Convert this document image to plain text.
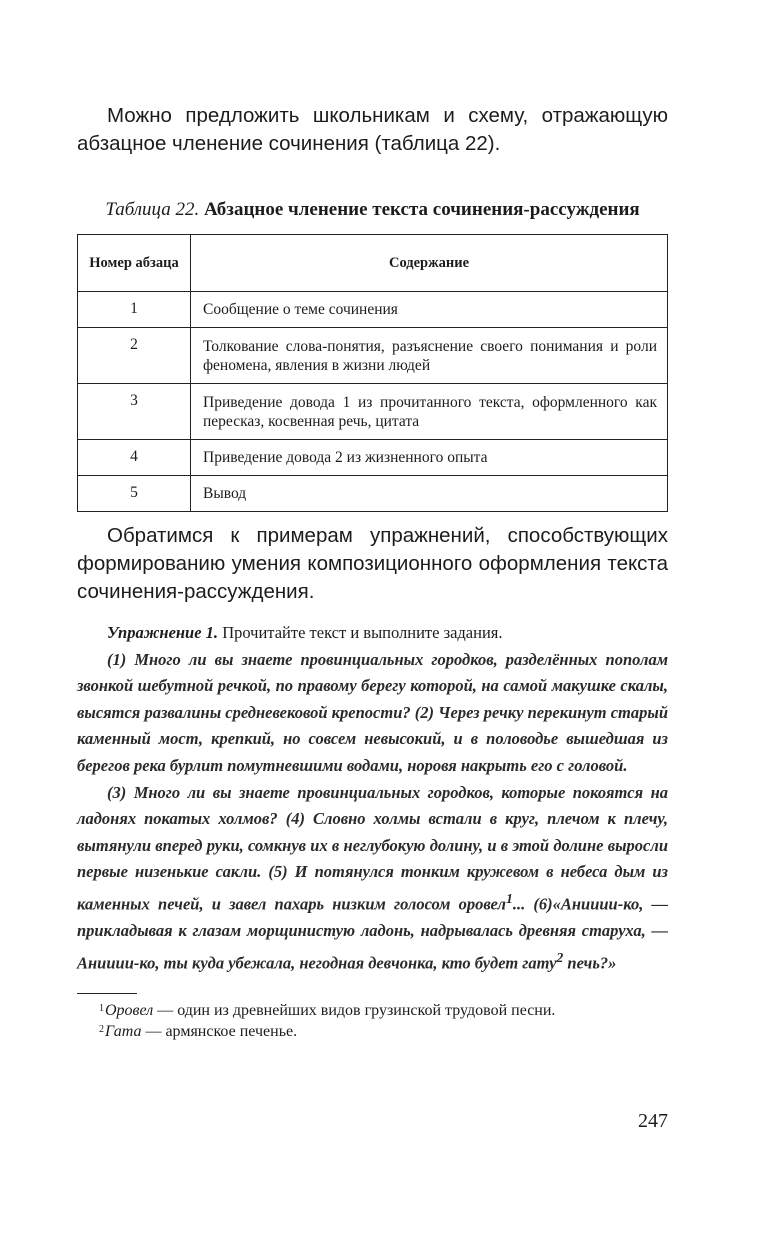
Можно предложить школьникам и схему, отражающую абзацное членение сочинения (таблица 22).

Таблица 22. Абзацное членение текста сочинения-рассуждения
Номер абзаца	Содержание
1	Сообщение о теме сочинения
2	Толкование слова-понятия, разъяснение своего понимания и роли феномена, явления в жизни людей
3	Приведение довода 1 из прочитанного текста, оформленного как пересказ, косвенная речь, цитата
4	Приведение довода 2 из жизненного опыта
5	Вывод

Обратимся к примерам упражнений, способствующих формированию умения композиционного оформления текста сочинения-рассуждения.

Упражнение 1. Прочитайте текст и выполните задания.

(1) Много ли вы знаете провинциальных городков, разделённых пополам звонкой шебутной речкой, по правому берегу которой, на самой макушке скалы, высятся развалины средневековой крепости? (2) Через речку перекинут старый каменный мост, крепкий, но совсем невысокий, и в половодье вышедшая из берегов река бурлит помутневшими водами, норовя накрыть его с головой.

(3) Много ли вы знаете провинциальных городков, которые покоятся на ладонях покатых холмов? (4) Словно холмы встали в круг, плечом к плечу, вытянули вперед руки, сомкнув их в неглубокую долину, и в этой долине выросли первые низенькие сакли. (5) И потянулся тонким кружевом в небеса дым из каменных печей, и завел пахарь низким голосом оровел$^1$... (6)«Анииии-ко, — прикладывая к глазам морщинистую ладонь, надрывалась древняя старуха, — Анииии-ко, ты куда убежала, негодная девчонка, кто будет гату$^2$ печь?»

1 Оровел — один из древнейших видов грузинской трудовой песни.

2 Гата — армянское печенье.

247
